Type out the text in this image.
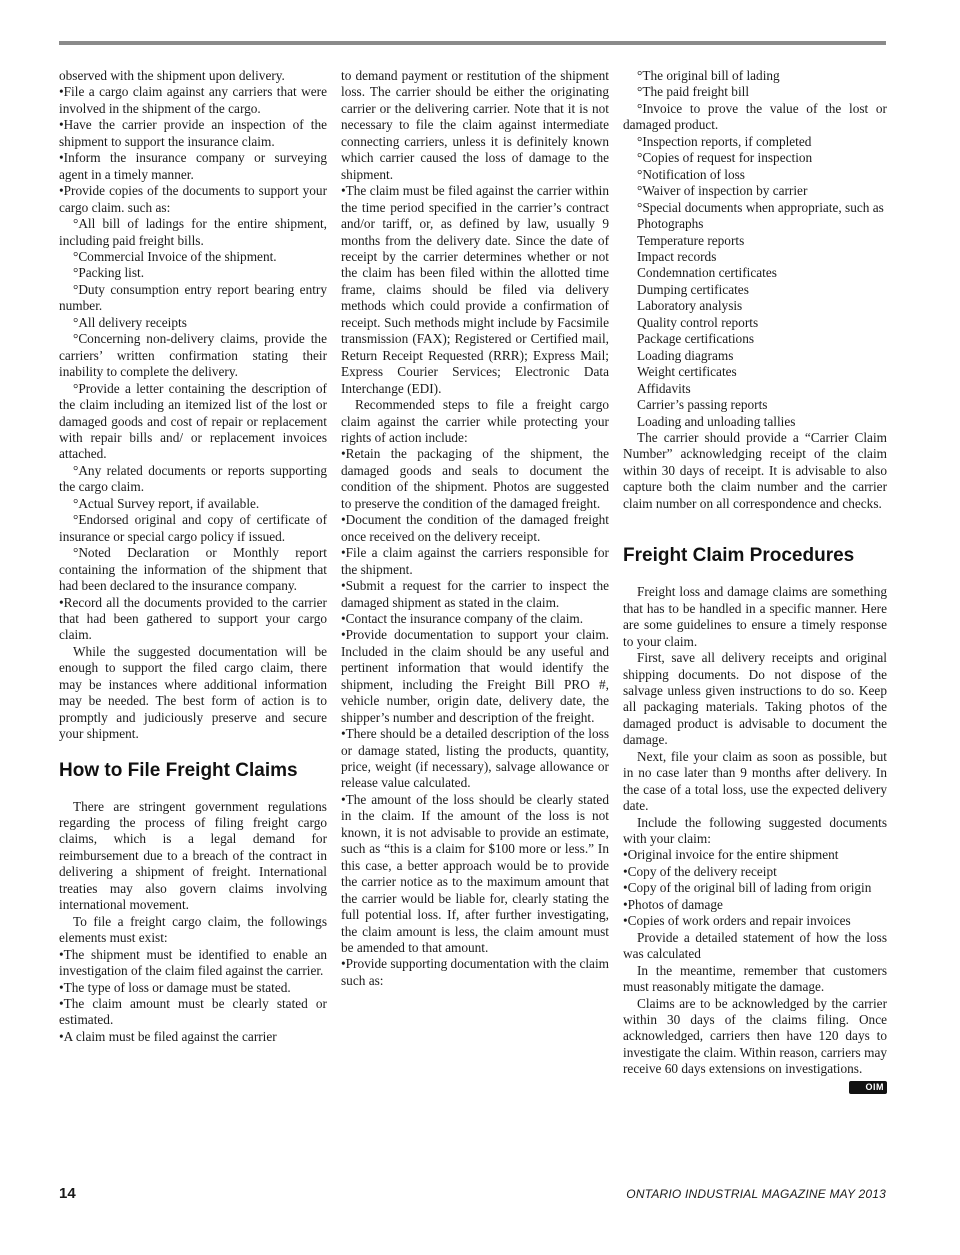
observed with the shipment upon delivery.

•File a cargo claim against any carriers that were involved in the shipment of the cargo.

•Have the carrier provide an inspection of the shipment to support the insurance claim.

•Inform the insurance company or surveying agent in a timely manner.

•Provide copies of the documents to support your cargo claim. such as:

°All bill of ladings for the entire shipment, including paid freight bills.

°Commercial Invoice of the shipment.

°Packing list.

°Duty consumption entry report bearing entry number.

°All delivery receipts

°Concerning non-delivery claims, provide the carriers’ written confirmation stating their inability to complete the delivery.

°Provide a letter containing the description of the claim including an itemized list of the lost or damaged goods and cost of repair or replacement with repair bills and/ or replacement invoices attached.

°Any related documents or reports supporting the cargo claim.

°Actual Survey report, if available.

°Endorsed original and copy of certificate of insurance or special cargo policy if issued.

°Noted Declaration or Monthly report containing the information of the shipment that had been declared to the insurance company.

•Record all the documents provided to the carrier that had been gathered to support your cargo claim.

While the suggested documentation will be enough to support the filed cargo claim, there may be instances where additional information may be needed. The best form of action is to promptly and judiciously preserve and secure your shipment.

How to File Freight Claims

There are stringent government regulations regarding the process of filing freight cargo claims, which is a legal demand for reimbursement due to a breach of the contract in delivering a shipment of freight. International treaties may also govern claims involving international movement.

To file a freight cargo claim, the followings elements must exist:

•The shipment must be identified to enable an investigation of the claim filed against the carrier.

•The type of loss or damage must be stated.

•The claim amount must be clearly stated or estimated.

•A claim must be filed against the carrier

to demand payment or restitution of the shipment loss. The carrier should be either the originating carrier or the delivering carrier. Note that it is not necessary to file the claim against intermediate connecting carriers, unless it is definitely known which carrier caused the loss of damage to the shipment.

•The claim must be filed against the carrier within the time period specified in the carrier’s contract and/or tariff, or, as defined by law, usually 9 months from the delivery date. Since the date of receipt by the carrier determines whether or not the claim has been filed within the allotted time frame, claims should be filed via delivery methods which could provide a confirmation of receipt. Such methods might include by Facsimile transmission (FAX); Registered or Certified mail, Return Receipt Requested (RRR); Express Mail; Express Courier Services; Electronic Data Interchange (EDI).

Recommended steps to file a freight cargo claim against the carrier while protecting your rights of action include:

•Retain the packaging of the shipment, the damaged goods and seals to document the condition of the shipment. Photos are suggested to preserve the condition of the damaged freight.

•Document the condition of the damaged freight once received on the delivery receipt.

•File a claim against the carriers responsible for the shipment.

•Submit a request for the carrier to inspect the damaged shipment as stated in the claim.

•Contact the insurance company of the claim.

•Provide documentation to support your claim. Included in the claim should be any useful and pertinent information that would identify the shipment, including the Freight Bill PRO #, vehicle number, origin date, delivery date, the shipper’s number and description of the freight.

•There should be a detailed description of the loss or damage stated, listing the products, quantity, price, weight (if necessary), salvage allowance or release value calculated.

•The amount of the loss should be clearly stated in the claim. If the amount of the loss is not known, it is not advisable to provide an estimate, such as “this is a claim for $100 more or less.” In this case, a better approach would be to provide the carrier notice as to the maximum amount that the carrier would be liable for, clearly stating the full potential loss. If, after further investigating, the claim amount is less, the claim amount must be amended to that amount.

•Provide supporting documentation with the claim such as:

°The original bill of lading

°The paid freight bill

°Invoice to prove the value of the lost or damaged product.

°Inspection reports, if completed

°Copies of request for inspection

°Notification of loss

°Waiver of inspection by carrier

°Special documents when appropriate, such as

Photographs

Temperature reports

Impact records

Condemnation certificates

Dumping certificates

Laboratory analysis

Quality control reports

Package certifications

Loading diagrams

Weight certificates

Affidavits

Carrier’s passing reports

Loading and unloading tallies

The carrier should provide a “Carrier Claim Number” acknowledging receipt of the claim within 30 days of receipt. It is advisable to also capture both the claim number and the carrier claim number on all correspondence and checks.

Freight Claim Procedures

Freight loss and damage claims are something that has to be handled in a specific manner. Here are some guidelines to ensure a timely response to your claim.

First, save all delivery receipts and original shipping documents. Do not dispose of the salvage unless given instructions to do so. Keep all packaging materials. Taking photos of the damaged product is advisable to document the damage.

Next, file your claim as soon as possible, but in no case later than 9 months after delivery. In the case of a total loss, use the expected delivery date.

Include the following suggested documents with your claim:

•Original invoice for the entire shipment

•Copy of the delivery receipt

•Copy of the original bill of lading from origin

•Photos of damage

•Copies of work orders and repair invoices

Provide a detailed statement of how the loss was calculated

In the meantime, remember that customers must reasonably mitigate the damage.

Claims are to be acknowledged by the carrier within 30 days of the claims filing. Once acknowledged, carriers then have 120 days to investigate the claim. Within reason, carriers may receive 60 days extensions on investigations.
OIM

14	ONTARIO INDUSTRIAL MAGAZINE MAY 2013
